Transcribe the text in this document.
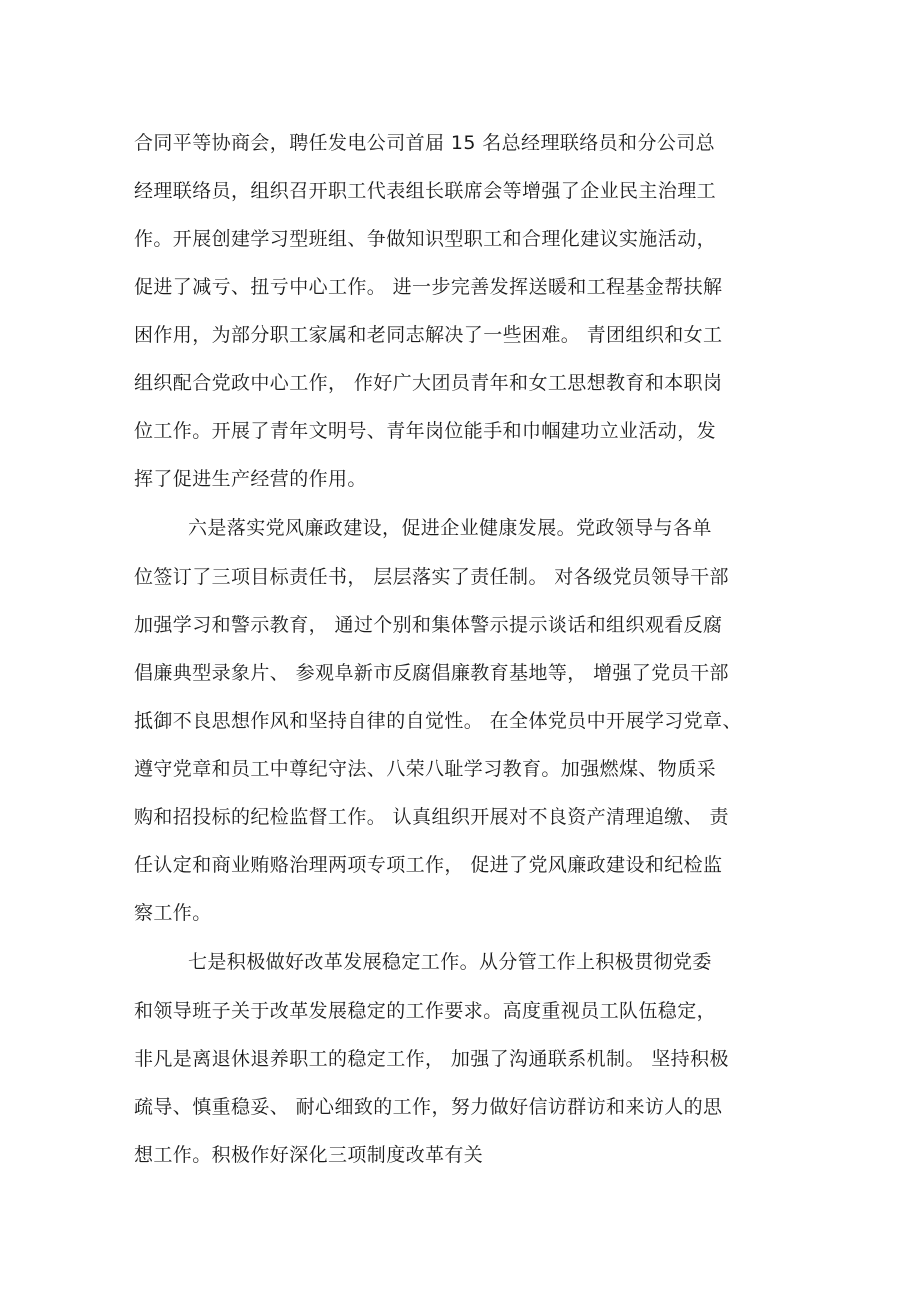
合同平等协商会，聘任发电公司首届 15 名总经理联络员和分公司总
经理联络员，组织召开职工代表组长联席会等增强了企业民主治理工
作。开展创建学习型班组、争做知识型职工和合理化建议实施活动，
促进了减亏、扭亏中心工作。 进一步完善发挥送暖和工程基金帮扶解
困作用，为部分职工家属和老同志解决了一些困难。 青团组织和女工
组织配合党政中心工作， 作好广大团员青年和女工思想教育和本职岗
位工作。开展了青年文明号、青年岗位能手和巾帼建功立业活动，发
挥了促进生产经营的作用。
六是落实党风廉政建设，促进企业健康发展。党政领导与各单
位签订了三项目标责任书， 层层落实了责任制。 对各级党员领导干部
加强学习和警示教育， 通过个别和集体警示提示谈话和组织观看反腐
倡廉典型录象片、 参观阜新市反腐倡廉教育基地等， 增强了党员干部
抵御不良思想作风和坚持自律的自觉性。 在全体党员中开展学习党章、
遵守党章和员工中尊纪守法、八荣八耻学习教育。加强燃煤、物质采
购和招投标的纪检监督工作。 认真组织开展对不良资产清理追缴、 责
任认定和商业贿赂治理两项专项工作， 促进了党风廉政建设和纪检监
察工作。
七是积极做好改革发展稳定工作。从分管工作上积极贯彻党委
和领导班子关于改革发展稳定的工作要求。高度重视员工队伍稳定，
非凡是离退休退养职工的稳定工作， 加强了沟通联系机制。 坚持积极
疏导、慎重稳妥、 耐心细致的工作，努力做好信访群访和来访人的思
想工作。积极作好深化三项制度改革有关
